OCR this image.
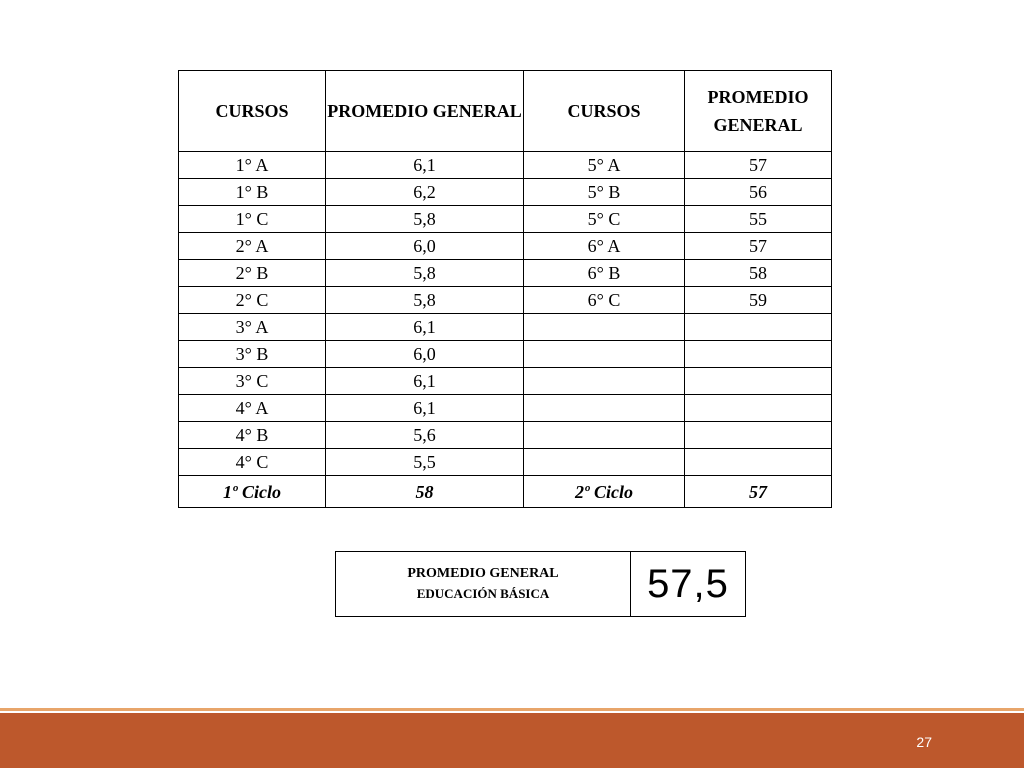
CURSOS	PROMEDIO GENERAL	CURSOS	PROMEDIO GENERAL
1° A	6,1	5° A	57
1° B	6,2	5° B	56
1° C	5,8	5° C	55
2° A	6,0	6° A	57
2° B	5,8	6° B	58
2° C	5,8	6° C	59
3° A	6,1		
3° B	6,0		
3° C	6,1		
4° A	6,1		
4° B	5,6		
4° C	5,5		
1º Ciclo	58	2º Ciclo	57
PROMEDIO GENERAL
EDUCACIÓN BÁSICA	57,5
27
